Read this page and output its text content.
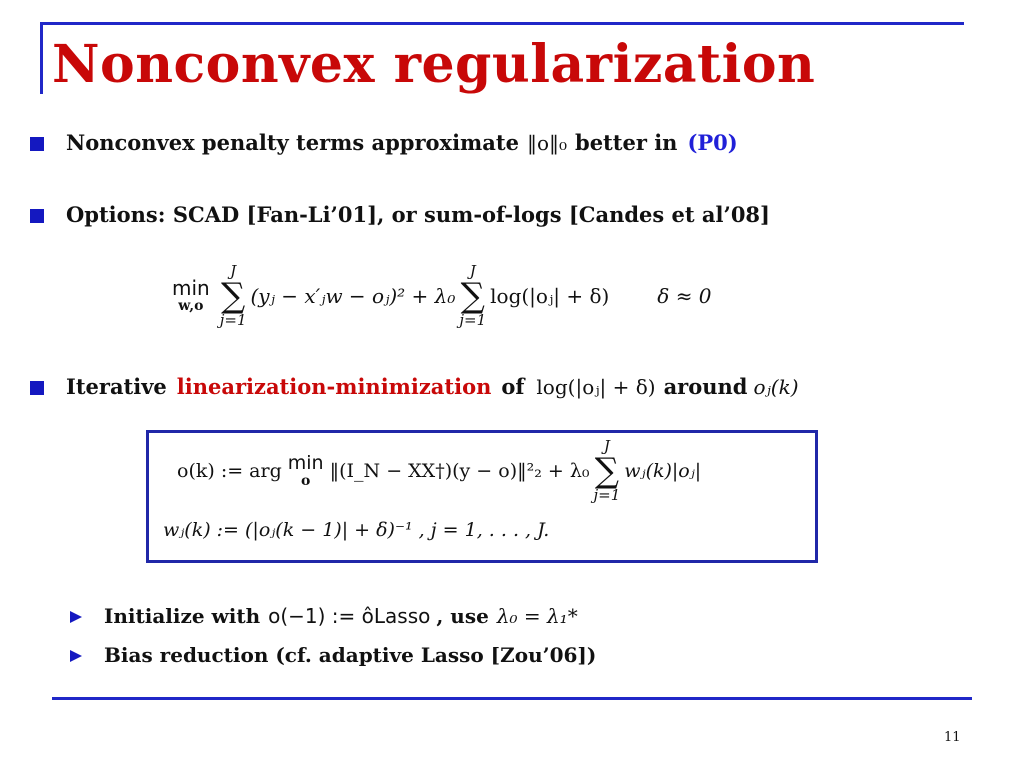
Nonconvex regularization
Nonconvex penalty terms approximate ‖o‖₀ better in (P0)
Options: SCAD [Fan-Li’01], or sum-of-logs [Candes et al’08]
min
w,o
J
∑
j=1
(yⱼ − x′ⱼw − oⱼ)² + λ₀
J
∑
j=1
log(|oⱼ| + δ) δ ≈ 0
Iterative linearization-minimization of log(|oⱼ| + δ) around oⱼ(k)
o(k) := arg min
o ‖(I_N − XX†)(y − o)‖²₂ + λ₀
J
∑
j=1
wⱼ(k)|oⱼ|
wⱼ(k) := (|oⱼ(k − 1)| + δ)⁻¹ , j = 1, . . . , J.
Initialize with o(−1) := ôLasso , use λ₀ = λ₁*
Bias reduction (cf. adaptive Lasso [Zou’06])
11
